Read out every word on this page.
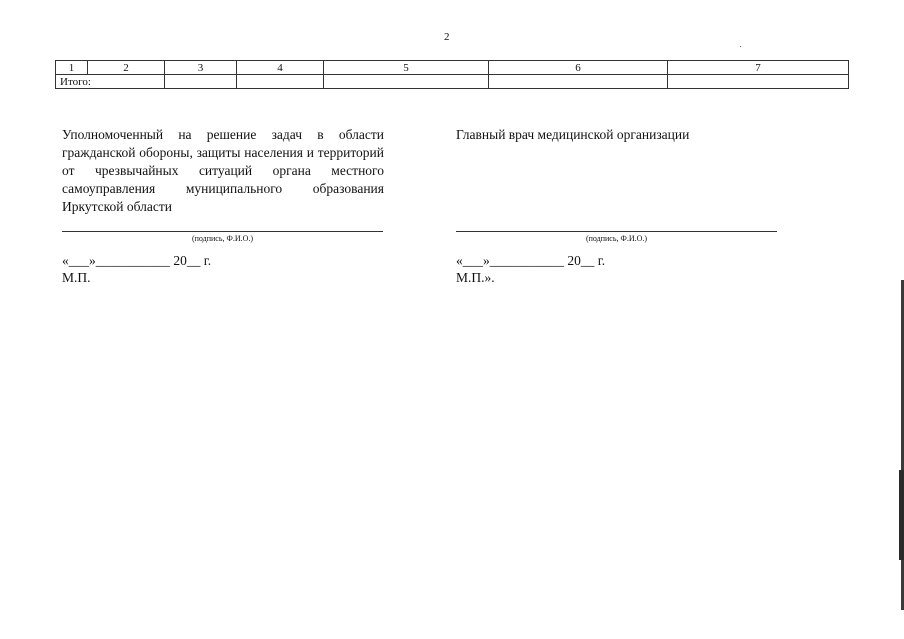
2
1	2	3	4	5	6	7
Итого:						
Уполномоченный на решение задач в области гражданской обороны, защиты населения и территорий от чрезвычайных ситуаций органа местного самоуправления муниципального образования Иркутской области
(подпись, Ф.И.О.)
«___»___________ 20__ г.
М.П.
Главный врач медицинской организации
(подпись, Ф.И.О.)
«___»___________ 20__ г.
М.П.».
